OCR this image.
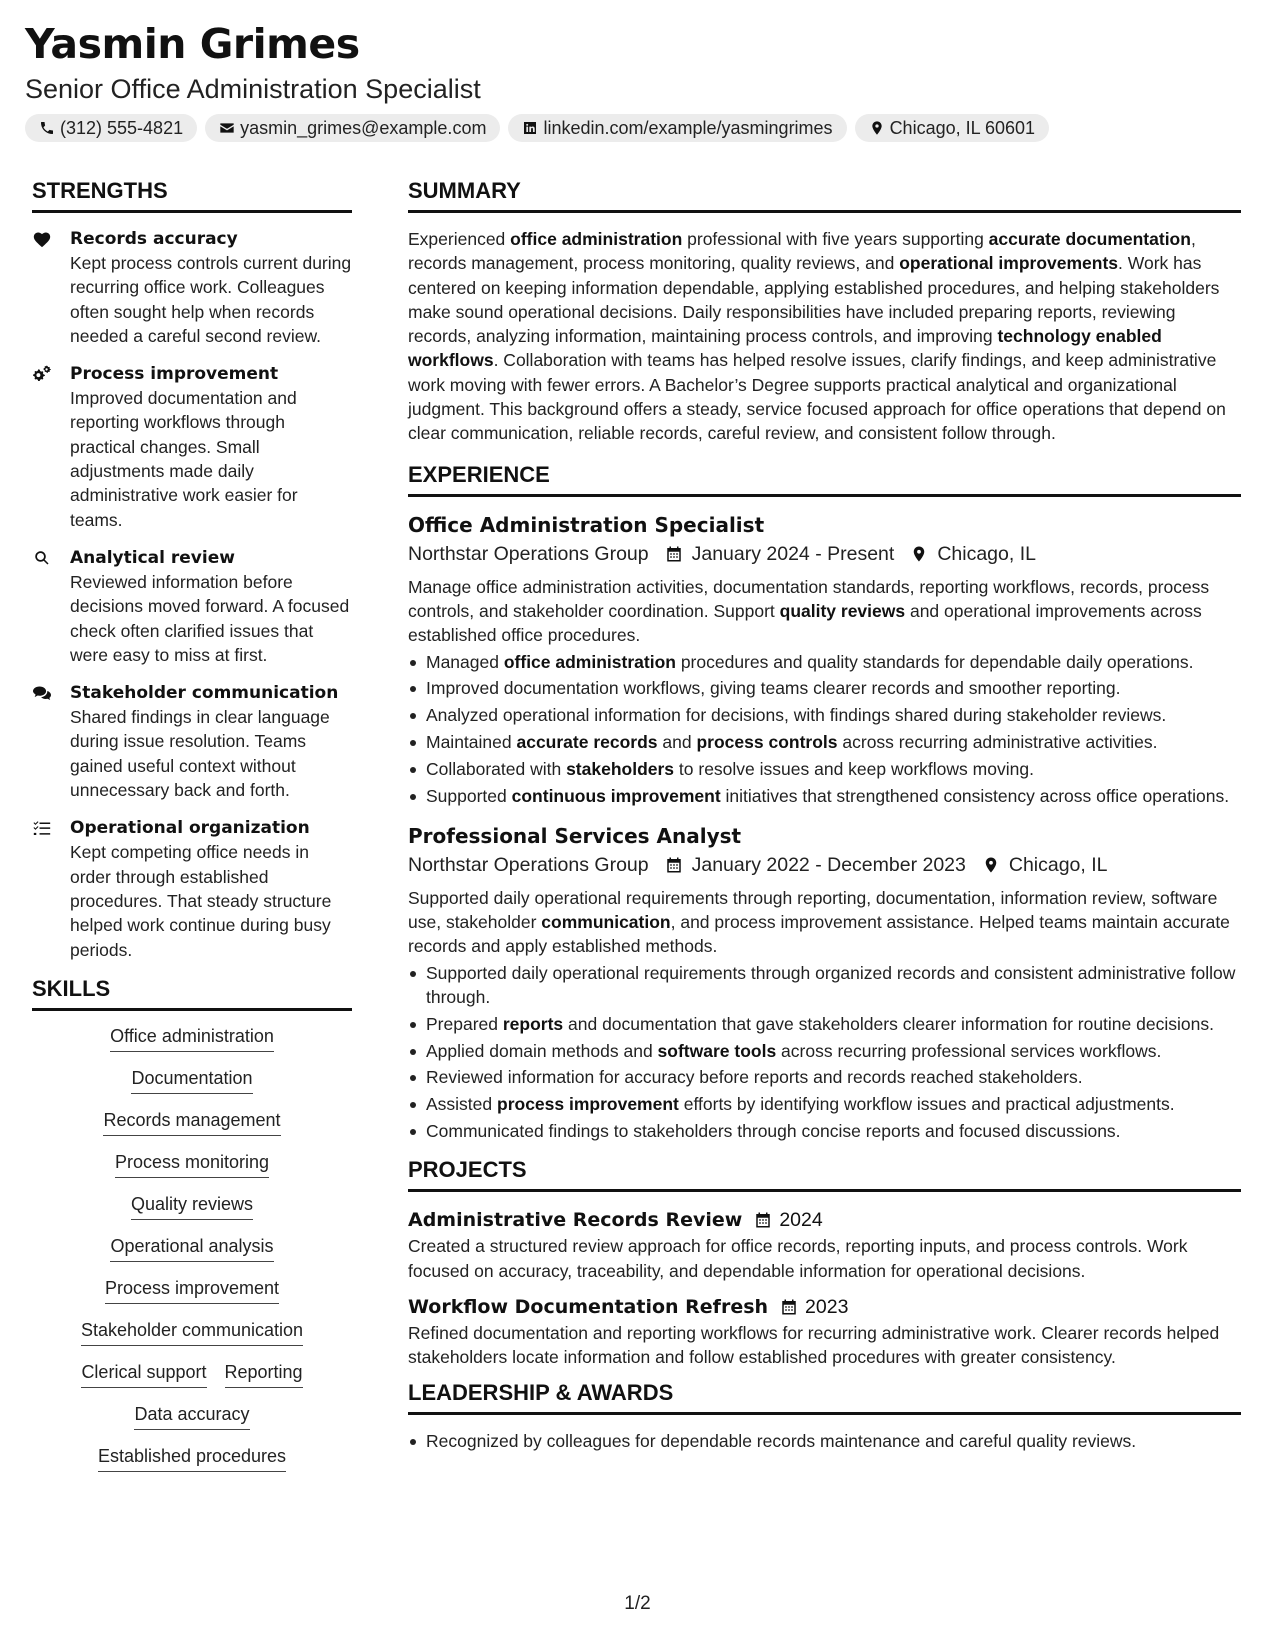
Yasmin Grimes
Senior Office Administration Specialist
(312) 555-4821	yasmin_grimes@example.com	linkedin.com/example/yasmingrimes	Chicago, IL 60601
STRENGTHS
Records accuracy
Kept process controls current during recurring office work. Colleagues often sought help when records needed a careful second review.
Process improvement
Improved documentation and reporting workflows through practical changes. Small adjustments made daily administrative work easier for teams.
Analytical review
Reviewed information before decisions moved forward. A focused check often clarified issues that were easy to miss at first.
Stakeholder communication
Shared findings in clear language during issue resolution. Teams gained useful context without unnecessary back and forth.
Operational organization
Kept competing office needs in order through established procedures. That steady structure helped work continue during busy periods.
SKILLS
Office administration
Documentation
Records management
Process monitoring
Quality reviews
Operational analysis
Process improvement
Stakeholder communication
Clerical support Reporting
Data accuracy
Established procedures
SUMMARY
Experienced office administration professional with five years supporting accurate documentation, records management, process monitoring, quality reviews, and operational improvements. Work has centered on keeping information dependable, applying established procedures, and helping stakeholders make sound operational decisions. Daily responsibilities have included preparing reports, reviewing records, analyzing information, maintaining process controls, and improving technology enabled workflows. Collaboration with teams has helped resolve issues, clarify findings, and keep administrative work moving with fewer errors. A Bachelor’s Degree supports practical analytical and organizational judgment. This background offers a steady, service focused approach for office operations that depend on clear communication, reliable records, careful review, and consistent follow through.
EXPERIENCE
Office Administration Specialist
Northstar Operations Group January 2024 - Present Chicago, IL
Manage office administration activities, documentation standards, reporting workflows, records, process controls, and stakeholder coordination. Support quality reviews and operational improvements across established office procedures.
Managed office administration procedures and quality standards for dependable daily operations.
Improved documentation workflows, giving teams clearer records and smoother reporting.
Analyzed operational information for decisions, with findings shared during stakeholder reviews.
Maintained accurate records and process controls across recurring administrative activities.
Collaborated with stakeholders to resolve issues and keep workflows moving.
Supported continuous improvement initiatives that strengthened consistency across office operations.
Professional Services Analyst
Northstar Operations Group January 2022 - December 2023 Chicago, IL
Supported daily operational requirements through reporting, documentation, information review, software use, stakeholder communication, and process improvement assistance. Helped teams maintain accurate records and apply established methods.
Supported daily operational requirements through organized records and consistent administrative follow through.
Prepared reports and documentation that gave stakeholders clearer information for routine decisions.
Applied domain methods and software tools across recurring professional services workflows.
Reviewed information for accuracy before reports and records reached stakeholders.
Assisted process improvement efforts by identifying workflow issues and practical adjustments.
Communicated findings to stakeholders through concise reports and focused discussions.
PROJECTS
Administrative Records Review 2024
Created a structured review approach for office records, reporting inputs, and process controls. Work focused on accuracy, traceability, and dependable information for operational decisions.
Workflow Documentation Refresh 2023
Refined documentation and reporting workflows for recurring administrative work. Clearer records helped stakeholders locate information and follow established procedures with greater consistency.
LEADERSHIP & AWARDS
Recognized by colleagues for dependable records maintenance and careful quality reviews.
1/2
